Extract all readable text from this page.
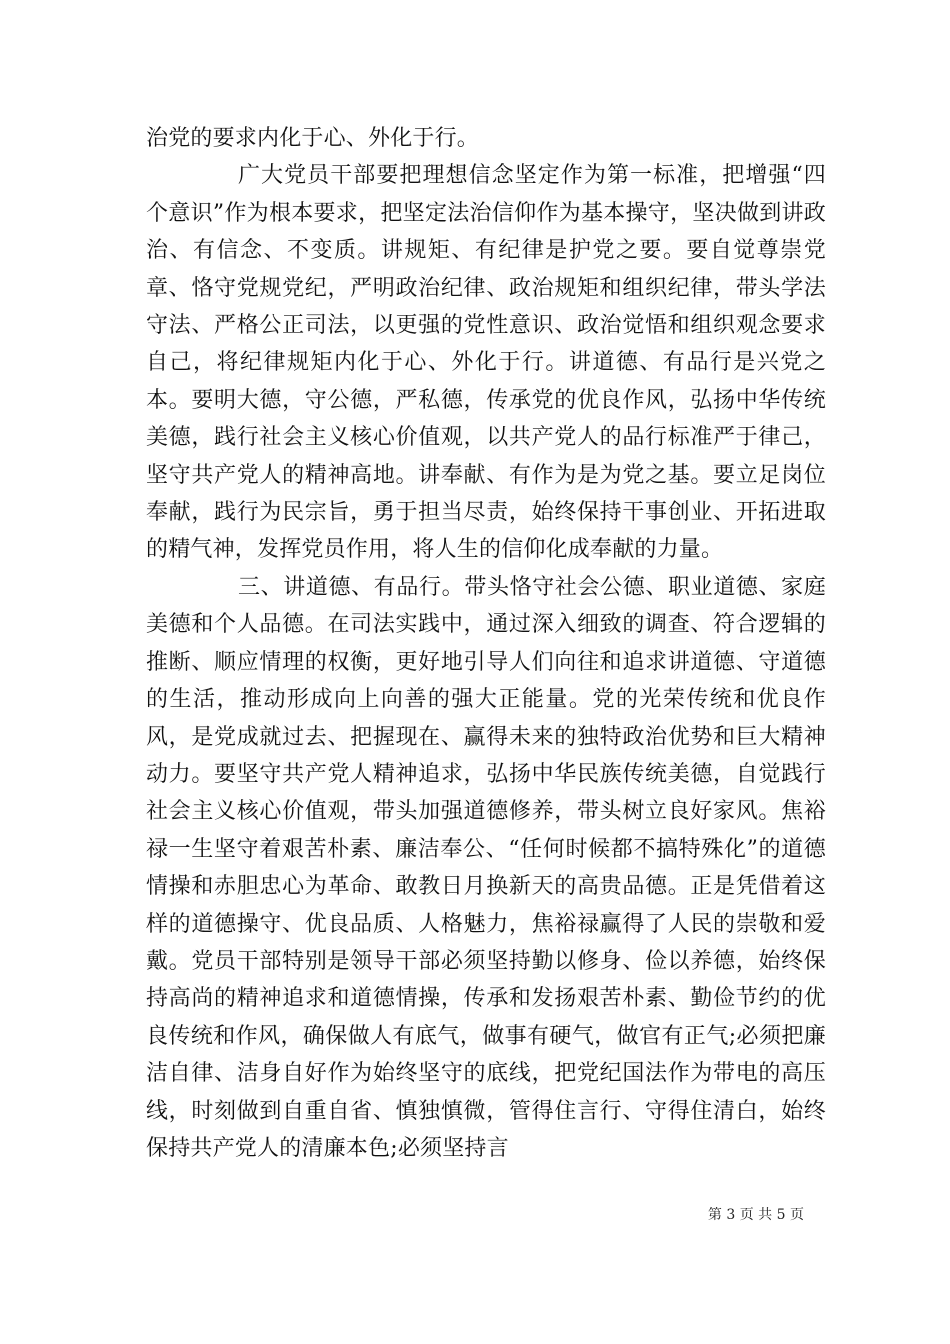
治党的要求内化于心、外化于行。

广大党员干部要把理想信念坚定作为第一标准，把增强“四个意识”作为根本要求，把坚定法治信仰作为基本操守，坚决做到讲政治、有信念、不变质。讲规矩、有纪律是护党之要。要自觉尊崇党章、恪守党规党纪，严明政治纪律、政治规矩和组织纪律，带头学法守法、严格公正司法，以更强的党性意识、政治觉悟和组织观念要求自己，将纪律规矩内化于心、外化于行。讲道德、有品行是兴党之本。要明大德，守公德，严私德，传承党的优良作风，弘扬中华传统美德，践行社会主义核心价值观，以共产党人的品行标准严于律己，坚守共产党人的精神高地。讲奉献、有作为是为党之基。要立足岗位奉献，践行为民宗旨，勇于担当尽责，始终保持干事创业、开拓进取的精气神，发挥党员作用，将人生的信仰化成奉献的力量。

三、讲道德、有品行。带头恪守社会公德、职业道德、家庭美德和个人品德。在司法实践中，通过深入细致的调查、符合逻辑的推断、顺应情理的权衡，更好地引导人们向往和追求讲道德、守道德的生活，推动形成向上向善的强大正能量。党的光荣传统和优良作风，是党成就过去、把握现在、赢得未来的独特政治优势和巨大精神动力。要坚守共产党人精神追求，弘扬中华民族传统美德，自觉践行社会主义核心价值观，带头加强道德修养，带头树立良好家风。焦裕禄一生坚守着艰苦朴素、廉洁奉公、“任何时候都不搞特殊化”的道德情操和赤胆忠心为革命、敢教日月换新天的高贵品德。正是凭借着这样的道德操守、优良品质、人格魅力，焦裕禄赢得了人民的崇敬和爱戴。党员干部特别是领导干部必须坚持勤以修身、俭以养德，始终保持高尚的精神追求和道德情操，传承和发扬艰苦朴素、勤俭节约的优良传统和作风，确保做人有底气，做事有硬气，做官有正气;必须把廉洁自律、洁身自好作为始终坚守的底线，把党纪国法作为带电的高压线，时刻做到自重自省、慎独慎微，管得住言行、守得住清白，始终保持共产党人的清廉本色;必须坚持言

第 3 页 共 5 页
